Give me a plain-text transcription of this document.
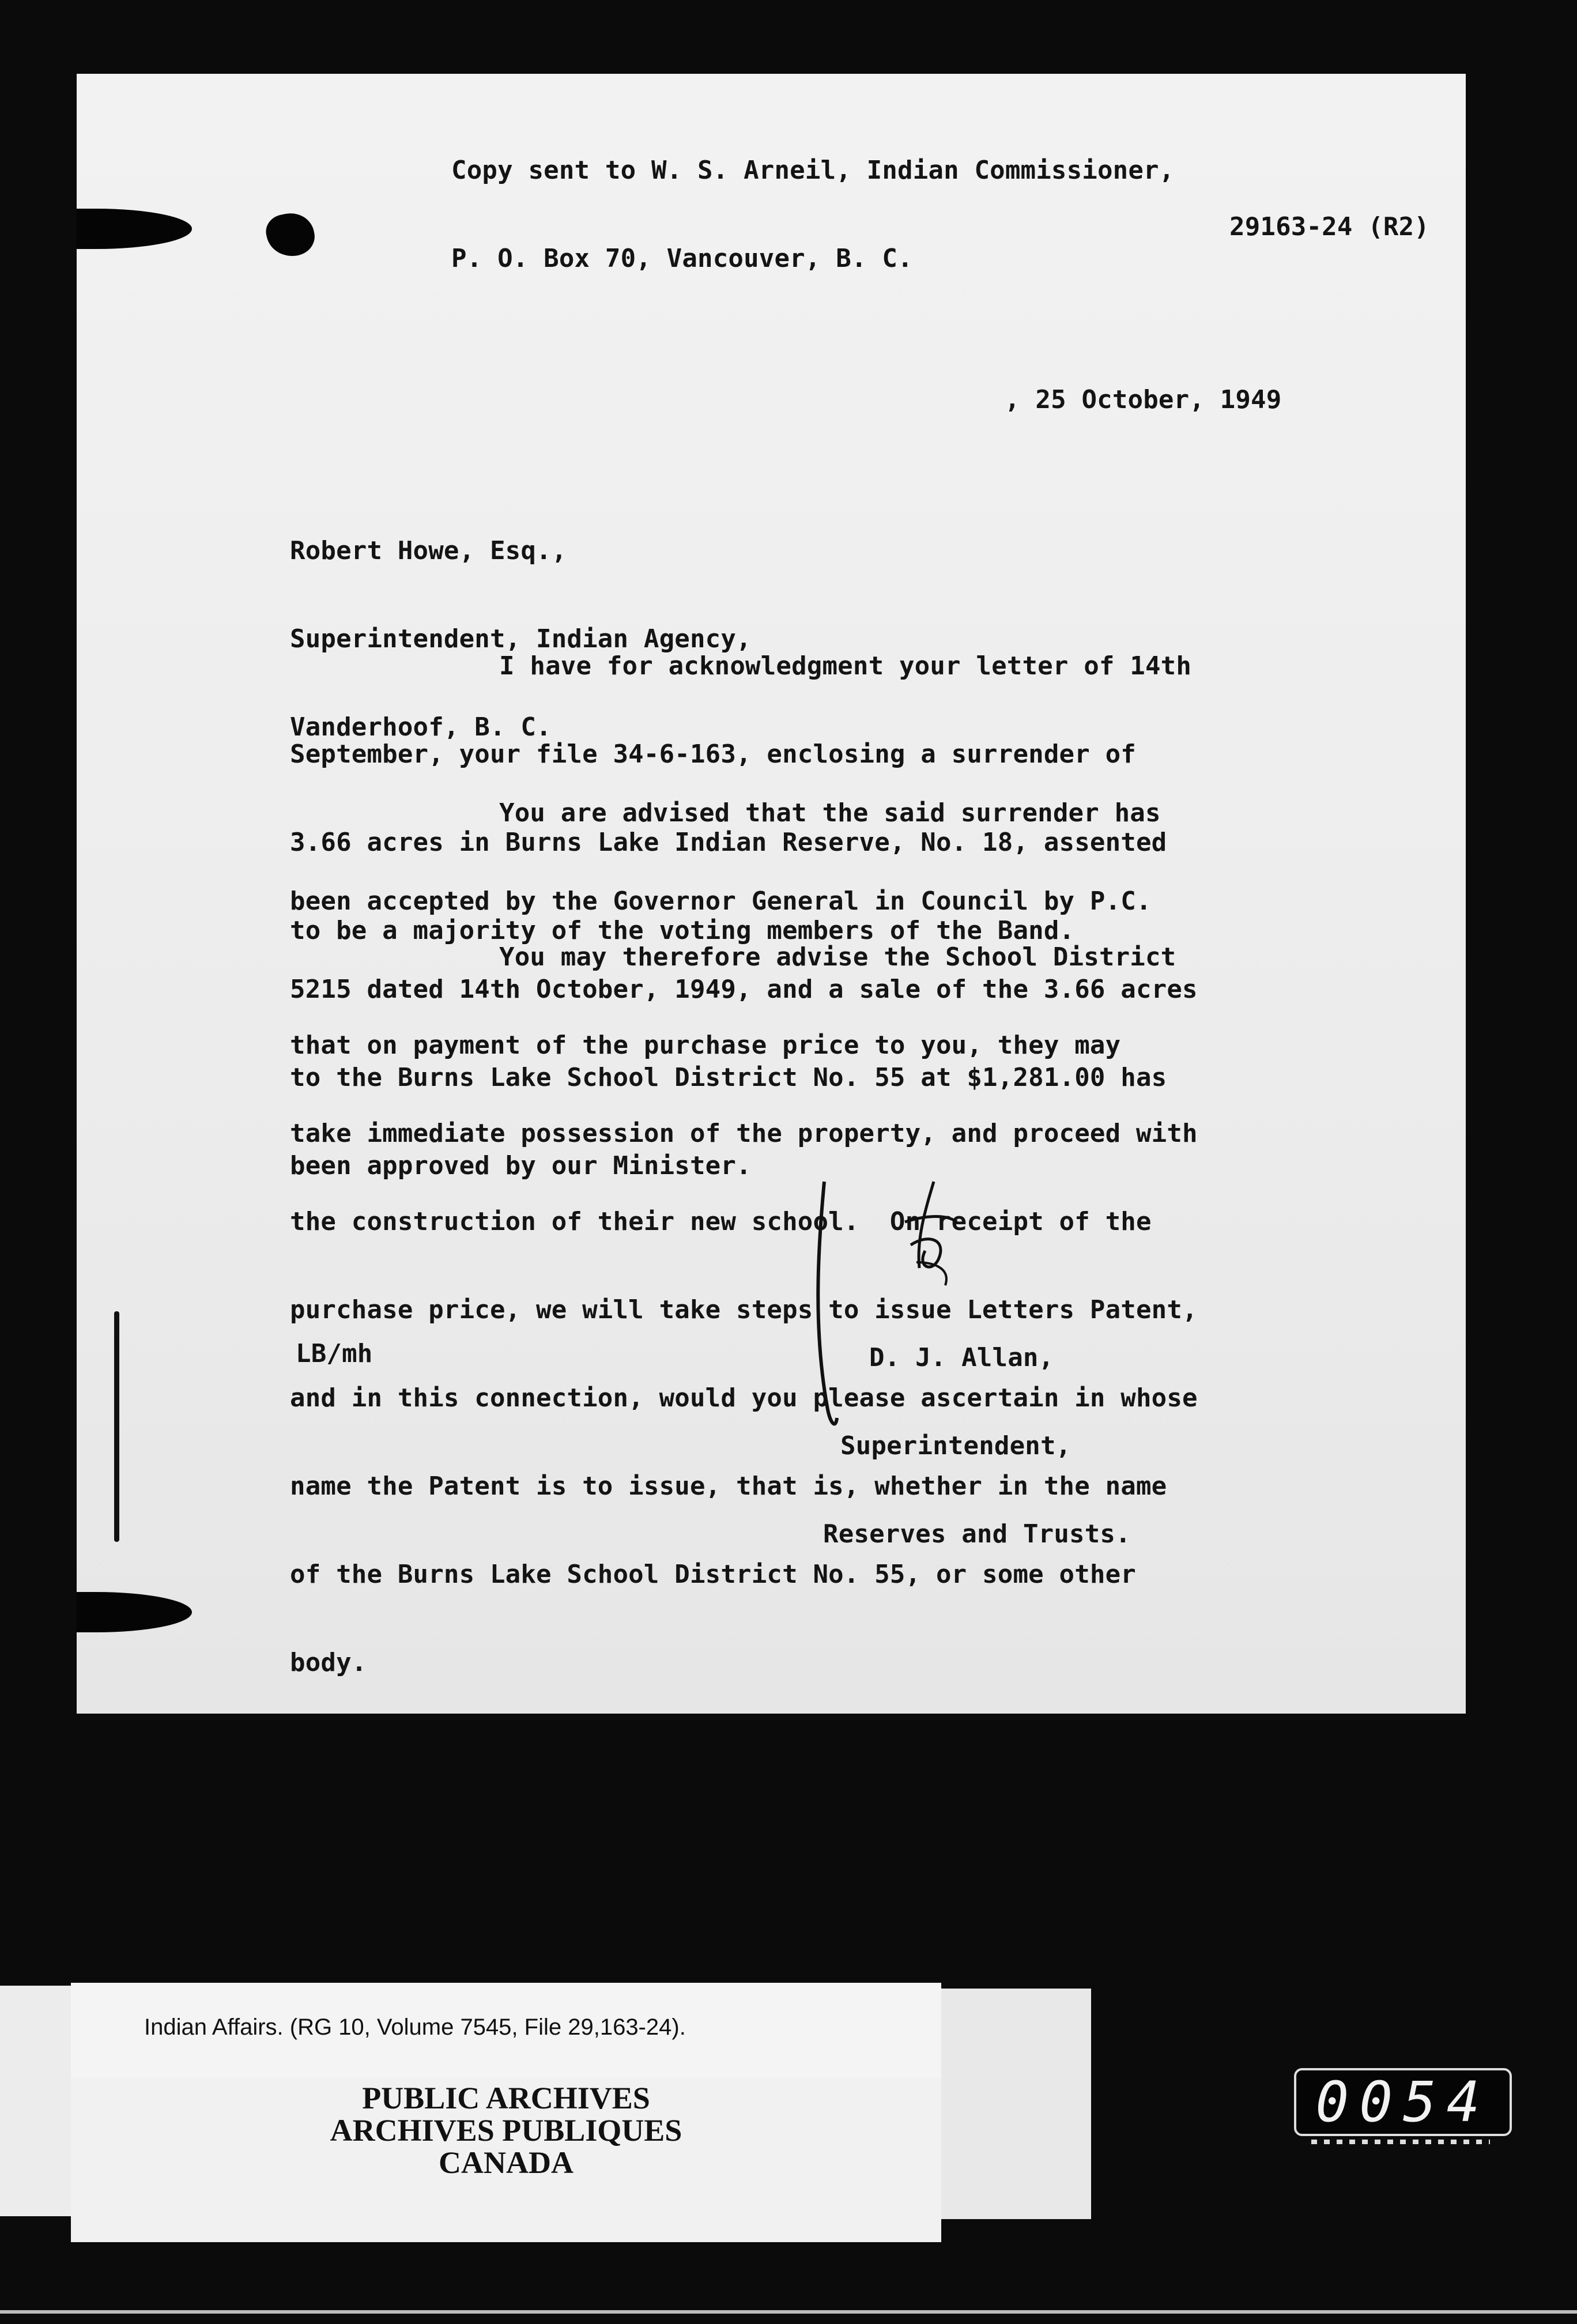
Copy sent to W. S. Arneil, Indian Commissioner,

P. O. Box 70, Vancouver, B. C.

29163-24 (R2)
, 25 October, 1949

Robert Howe, Esq.,

Superintendent, Indian Agency,

Vanderhoof, B. C.

I have for acknowledgment your letter of 14th

September, your file 34-6-163, enclosing a surrender of

3.66 acres in Burns Lake Indian Reserve, No. 18, assented

to be a majority of the voting members of the Band.

You are advised that the said surrender has

been accepted by the Governor General in Council by P.C.

5215 dated 14th October, 1949, and a sale of the 3.66 acres

to the Burns Lake School District No. 55 at $1,281.00 has

been approved by our Minister.

You may therefore advise the School District

that on payment of the purchase price to you, they may

take immediate possession of the property, and proceed with

the construction of their new school.  On receipt of the

purchase price, we will take steps to issue Letters Patent,

and in this connection, would you please ascertain in whose

name the Patent is to issue, that is, whether in the name

of the Burns Lake School District No. 55, or some other

body.

D. J. Allan,

Superintendent,

Reserves and Trusts.

LB/mh
Indian Affairs. (RG 10, Volume 7545, File 29,163-24).
PUBLIC ARCHIVES
ARCHIVES PUBLIQUES
CANADA
0054
